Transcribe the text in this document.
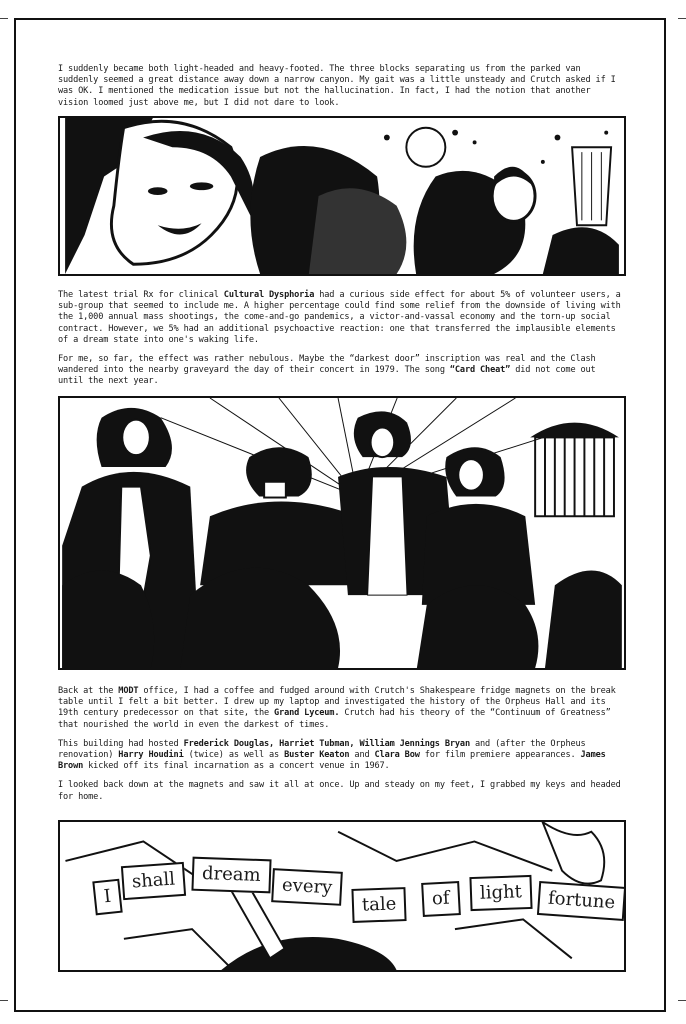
I suddenly became both light-headed and heavy-footed. The three blocks separating us from the parked van suddenly seemed a great distance away down a narrow canyon. My gait was a little unsteady and Crutch asked if I was OK. I mentioned the medication issue but not the hallucination. In fact, I had the notion that another vision loomed just above me, but I did not dare to look.

The latest trial Rx for clinical Cultural Dysphoria had a curious side effect for about 5% of volunteer users, a sub-group that seemed to include me. A higher percentage could find some relief from the downside of living with the 1,000 annual mass shootings, the come-and-go pandemics, a victor-and-vassal economy and the torn-up social contract. However, we 5% had an additional psychoactive reaction: one that transferred the implausible elements of a dream state into one's waking life.

For me, so far, the effect was rather nebulous. Maybe the “darkest door” inscription was real and the Clash wandered into the nearby graveyard the day of their concert in 1979. The song “Card Cheat” did not come out until the next year.

Back at the MODT office, I had a coffee and fudged around with Crutch's Shakespeare fridge magnets on the break table until I felt a bit better. I drew up my laptop and investigated the history of the Orpheus Hall and its 19th century predecessor on that site, the Grand Lyceum. Crutch had his theory of the “Continuum of Greatness” that nourished the world in even the darkest of times.

This building had hosted Frederick Douglas, Harriet Tubman, William Jennings Bryan and (after the Orpheus renovation) Harry Houdini (twice) as well as Buster Keaton and Clara Bow for film premiere appearances. James Brown kicked off its final incarnation as a concert venue in 1967.

I looked back down at the magnets and saw it all at once. Up and steady on my feet, I grabbed my keys and headed for home.

I
shall	dream
every
tale	of	light	fortune
